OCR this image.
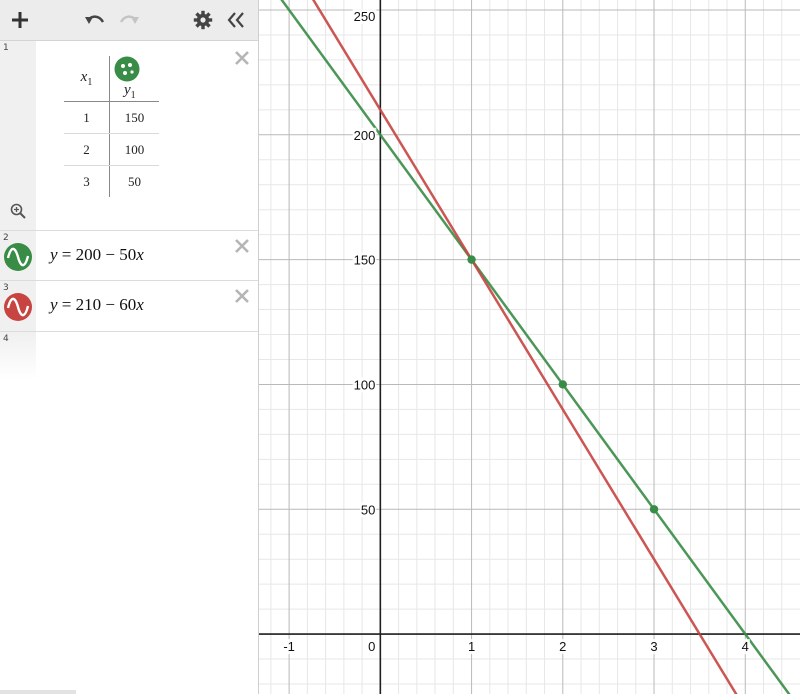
1
$x_1$	$y_1$
1	150
2	100
3	50
2
y = 200 − 50x
3
y = 210 − 60x
4
-1	0	1	2	3	4
50
100
150
200
250
